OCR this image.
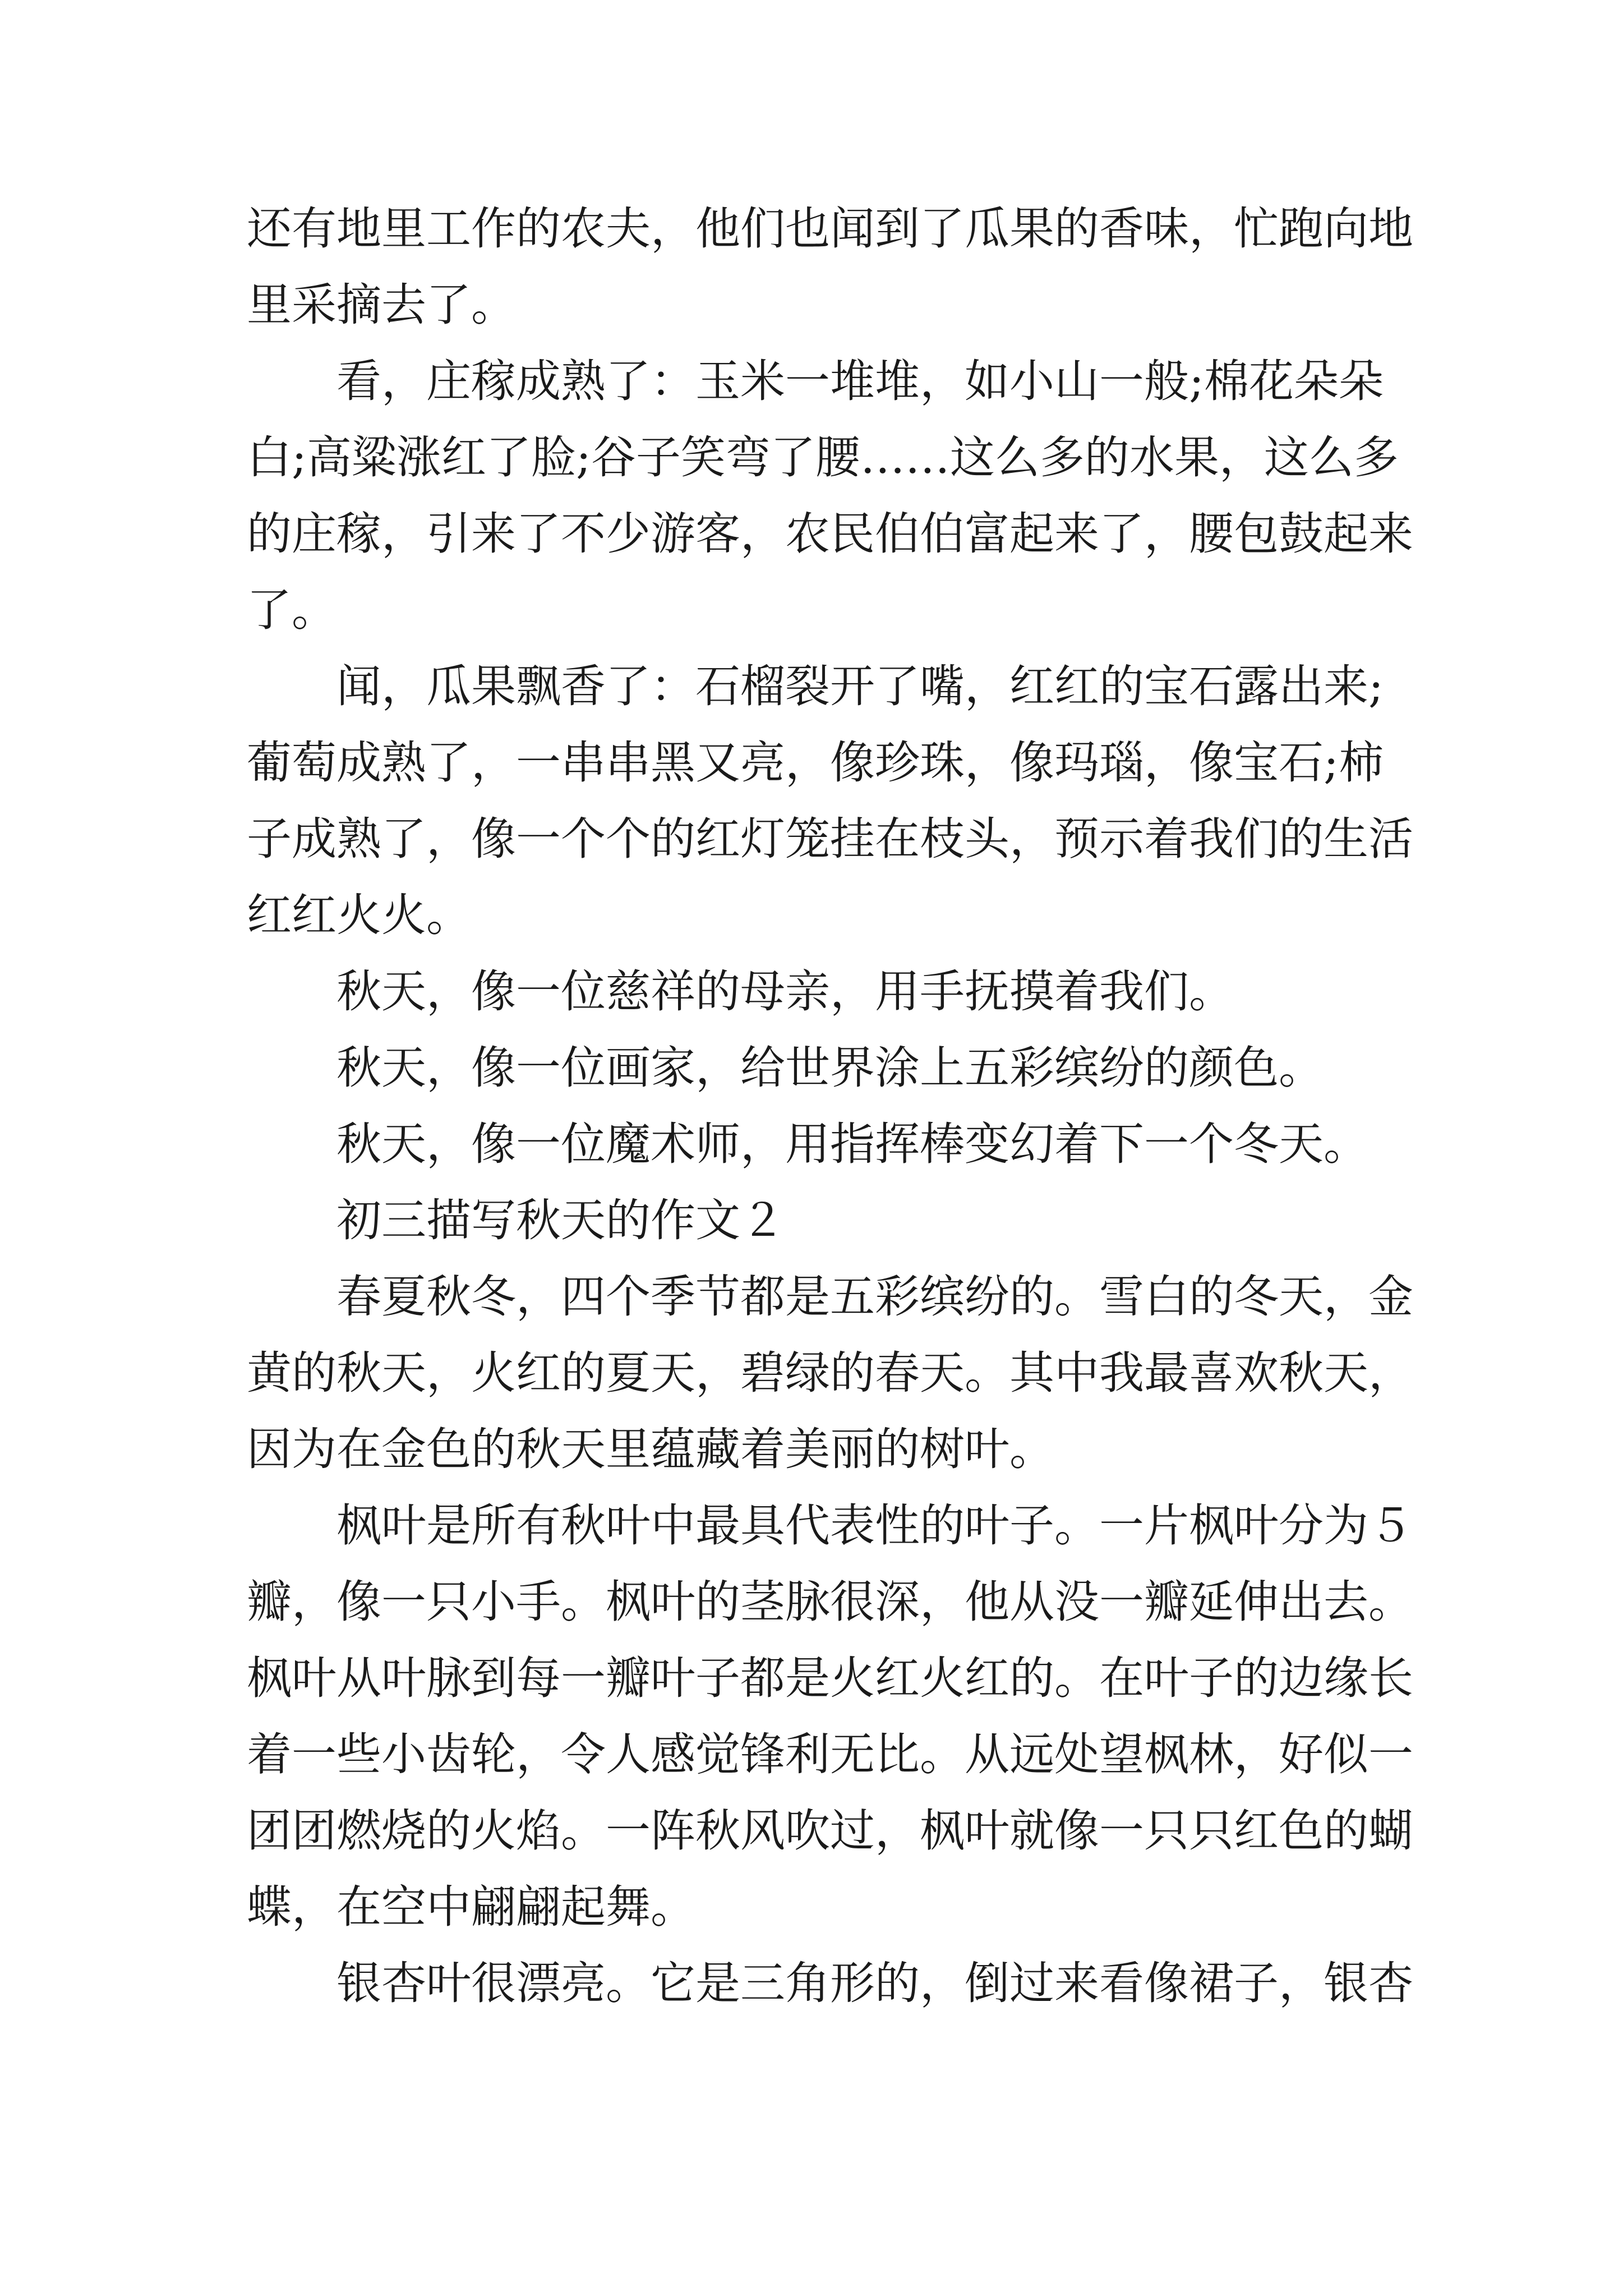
还有地里工作的农夫，他们也闻到了瓜果的香味，忙跑向地
里采摘去了。
看，庄稼成熟了：玉米一堆堆，如小山一般;棉花朵朵
白;高粱涨红了脸;谷子笑弯了腰……这么多的水果，这么多
的庄稼，引来了不少游客，农民伯伯富起来了，腰包鼓起来
了。
闻，瓜果飘香了：石榴裂开了嘴，红红的宝石露出来;
葡萄成熟了，一串串黑又亮，像珍珠，像玛瑙，像宝石;柿
子成熟了，像一个个的红灯笼挂在枝头，预示着我们的生活
红红火火。
秋天，像一位慈祥的母亲，用手抚摸着我们。
秋天，像一位画家，给世界涂上五彩缤纷的颜色。
秋天，像一位魔术师，用指挥棒变幻着下一个冬天。
初三描写秋天的作文２
春夏秋冬，四个季节都是五彩缤纷的。雪白的冬天，金
黄的秋天，火红的夏天，碧绿的春天。其中我最喜欢秋天，
因为在金色的秋天里蕴藏着美丽的树叶。
枫叶是所有秋叶中最具代表性的叶子。一片枫叶分为５
瓣，像一只小手。枫叶的茎脉很深，他从没一瓣延伸出去。
枫叶从叶脉到每一瓣叶子都是火红火红的。在叶子的边缘长
着一些小齿轮，令人感觉锋利无比。从远处望枫林，好似一
团团燃烧的火焰。一阵秋风吹过，枫叶就像一只只红色的蝴
蝶，在空中翩翩起舞。
银杏叶很漂亮。它是三角形的，倒过来看像裙子，银杏
